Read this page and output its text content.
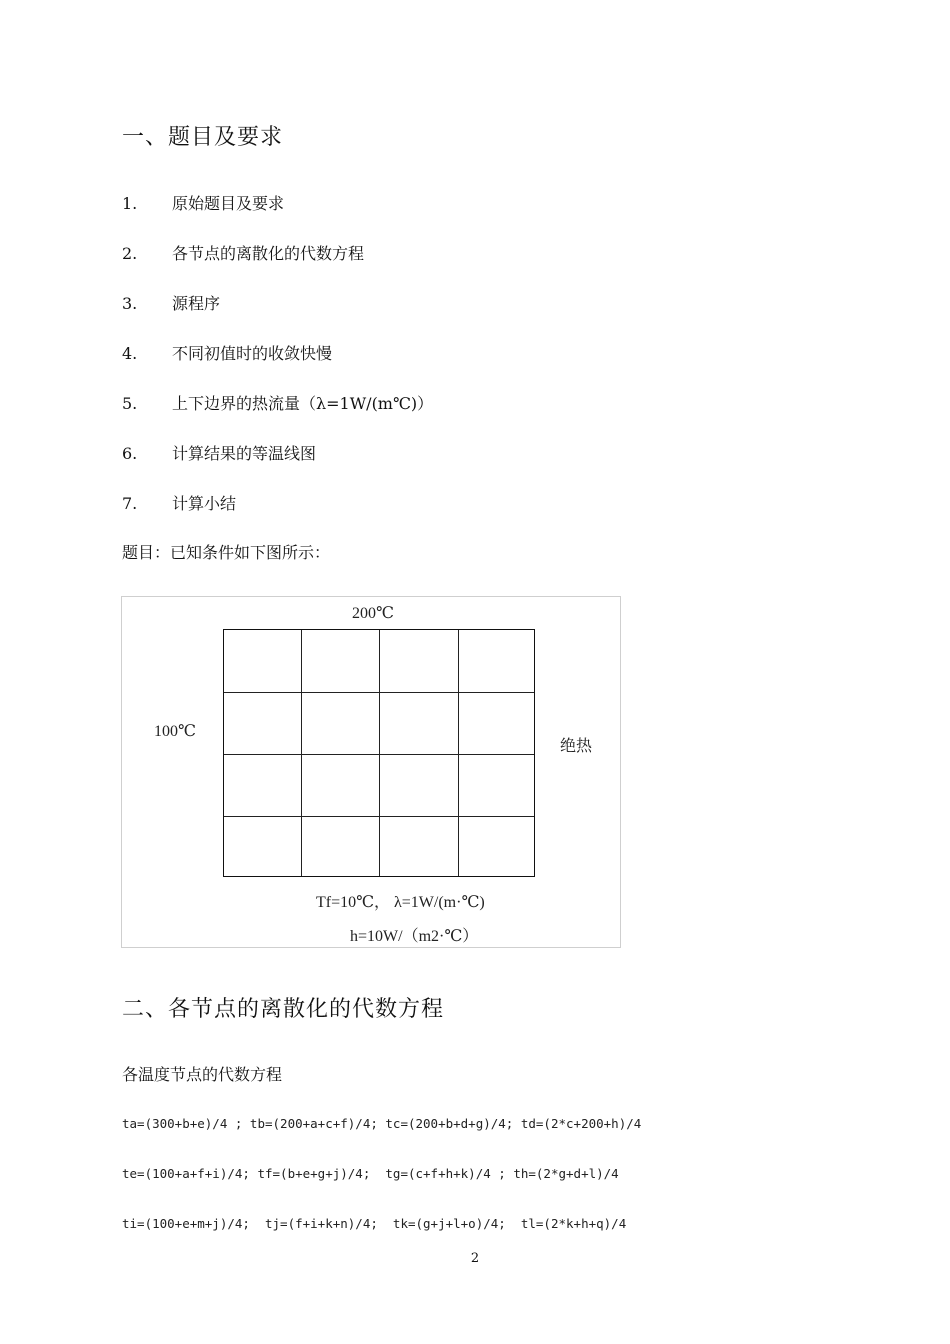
一、题目及要求
1. 原始题目及要求
2. 各节点的离散化的代数方程
3. 源程序
4. 不同初值时的收敛快慢
5. 上下边界的热流量（λ=1W/(m℃)）
6. 计算结果的等温线图
7. 计算小结
题目：已知条件如下图所示：
200℃
100℃
绝热
Tf=10℃， λ=1W/(m·℃)
h=10W/（m2·℃）
二、各节点的离散化的代数方程
各温度节点的代数方程
ta=(300+b+e)/4 ; tb=(200+a+c+f)/4; tc=(200+b+d+g)/4; td=(2*c+200+h)/4
te=(100+a+f+i)/4; tf=(b+e+g+j)/4;  tg=(c+f+h+k)/4 ; th=(2*g+d+l)/4
ti=(100+e+m+j)/4;  tj=(f+i+k+n)/4;  tk=(g+j+l+o)/4;  tl=(2*k+h+q)/4
2
